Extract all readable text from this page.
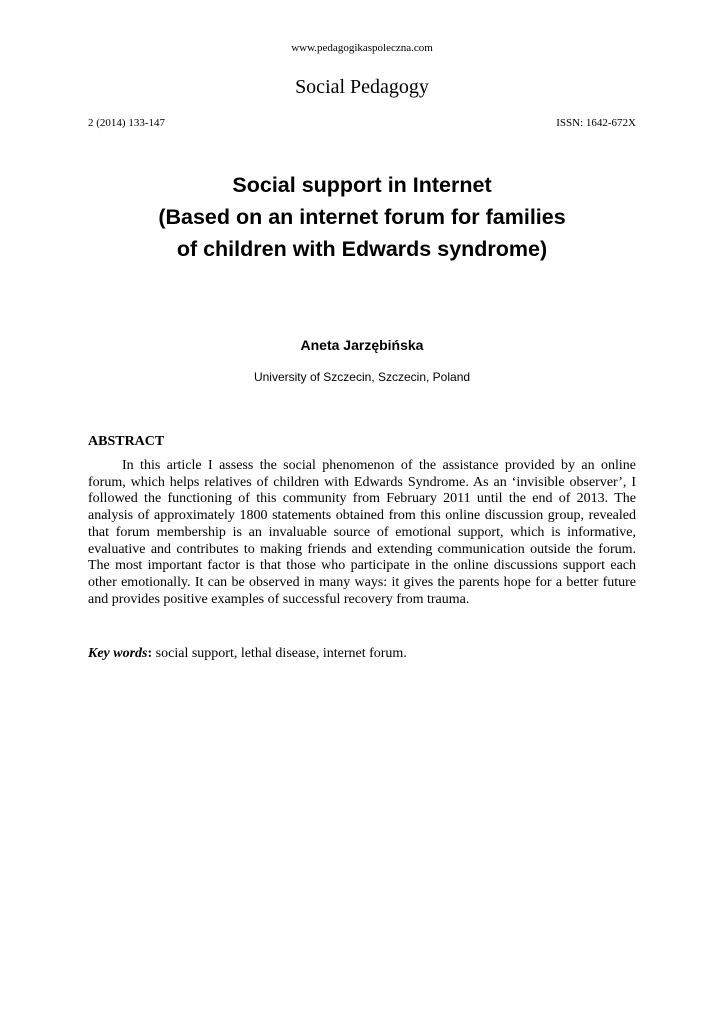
www.pedagogikaspoleczna.com
Social Pedagogy
2 (2014) 133-147	ISSN: 1642-672X
Social support in Internet
(Based on an internet forum for families
of children with Edwards syndrome)
Aneta Jarzębińska
University of Szczecin, Szczecin, Poland
ABSTRACT

In this article I assess the social phenomenon of the assistance provided by an online forum, which helps relatives of children with Edwards Syndrome. As an ‘invisible observer’, I followed the functioning of this community from February 2011 until the end of 2013. The analysis of approximately 1800 statements obtained from this online discussion group, revealed that forum membership is an invaluable source of emotional support, which is informative, evaluative and contributes to making friends and extending communication outside the forum. The most important factor is that those who participate in the online discussions support each other emotionally. It can be observed in many ways: it gives the parents hope for a better future and provides positive examples of successful recovery from trauma.

Key words: social support, lethal disease, internet forum.
